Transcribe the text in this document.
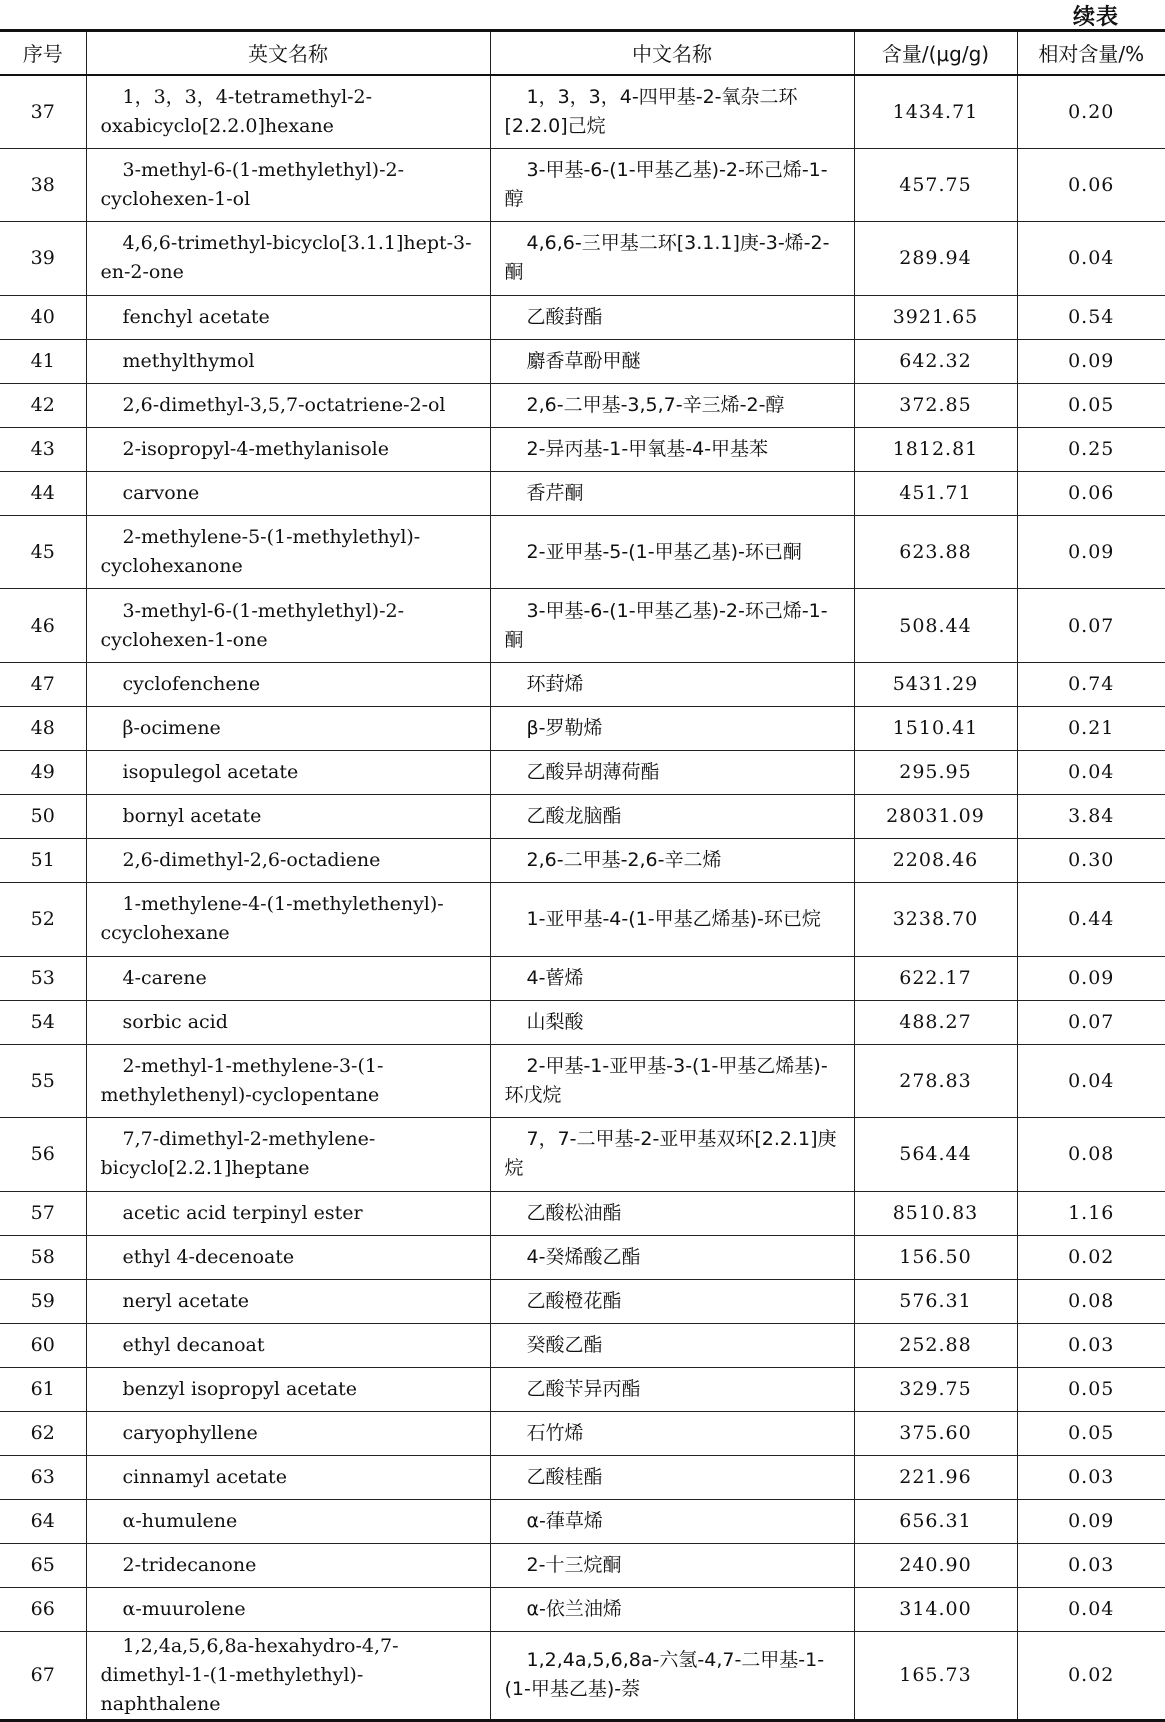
续表
序号	英文名称	中文名称	含量/(μg/g)	相对含量/%
37	1，3，3，4-tetramethyl-2-oxabicyclo[2.2.0]hexane	1，3，3，4-四甲基-2-氧杂二环[2.2.0]己烷	1434.71	0.20
38	3-methyl-6-(1-methylethyl)-2-cyclohexen-1-ol	3-甲基-6-(1-甲基乙基)-2-环己烯-1-醇	457.75	0.06
39	4,6,6-trimethyl-bicyclo[3.1.1]hept-3-en-2-one	4,6,6-三甲基二环[3.1.1]庚-3-烯-2-酮	289.94	0.04
40	fenchyl acetate	乙酸葑酯	3921.65	0.54
41	methylthymol	麝香草酚甲醚	642.32	0.09
42	2,6-dimethyl-3,5,7-octatriene-2-ol	2,6-二甲基-3,5,7-辛三烯-2-醇	372.85	0.05
43	2-isopropyl-4-methylanisole	2-异丙基-1-甲氧基-4-甲基苯	1812.81	0.25
44	carvone	香芹酮	451.71	0.06
45	2-methylene-5-(1-methylethyl)-cyclohexanone	2-亚甲基-5-(1-甲基乙基)-环已酮	623.88	0.09
46	3-methyl-6-(1-methylethyl)-2-cyclohexen-1-one	3-甲基-6-(1-甲基乙基)-2-环己烯-1-酮	508.44	0.07
47	cyclofenchene	环葑烯	5431.29	0.74
48	β-ocimene	β-罗勒烯	1510.41	0.21
49	isopulegol acetate	乙酸异胡薄荷酯	295.95	0.04
50	bornyl acetate	乙酸龙脑酯	28031.09	3.84
51	2,6-dimethyl-2,6-octadiene	2,6-二甲基-2,6-辛二烯	2208.46	0.30
52	1-methylene-4-(1-methylethenyl)-ccyclohexane	1-亚甲基-4-(1-甲基乙烯基)-环已烷	3238.70	0.44
53	4-carene	4-蒈烯	622.17	0.09
54	sorbic acid	山梨酸	488.27	0.07
55	2-methyl-1-methylene-3-(1-methylethenyl)-cyclopentane	2-甲基-1-亚甲基-3-(1-甲基乙烯基)-环戊烷	278.83	0.04
56	7,7-dimethyl-2-methylene-bicyclo[2.2.1]heptane	7，7-二甲基-2-亚甲基双环[2.2.1]庚烷	564.44	0.08
57	acetic acid terpinyl ester	乙酸松油酯	8510.83	1.16
58	ethyl 4-decenoate	4-癸烯酸乙酯	156.50	0.02
59	neryl acetate	乙酸橙花酯	576.31	0.08
60	ethyl decanoat	癸酸乙酯	252.88	0.03
61	benzyl isopropyl acetate	乙酸苄异丙酯	329.75	0.05
62	caryophyllene	石竹烯	375.60	0.05
63	cinnamyl acetate	乙酸桂酯	221.96	0.03
64	α-humulene	α-葎草烯	656.31	0.09
65	2-tridecanone	2-十三烷酮	240.90	0.03
66	α-muurolene	α-依兰油烯	314.00	0.04
67	1,2,4a,5,6,8a-hexahydro-4,7-dimethyl-1-(1-methylethyl)-naphthalene	1,2,4a,5,6,8a-六氢-4,7-二甲基-1-(1-甲基乙基)-萘	165.73	0.02
